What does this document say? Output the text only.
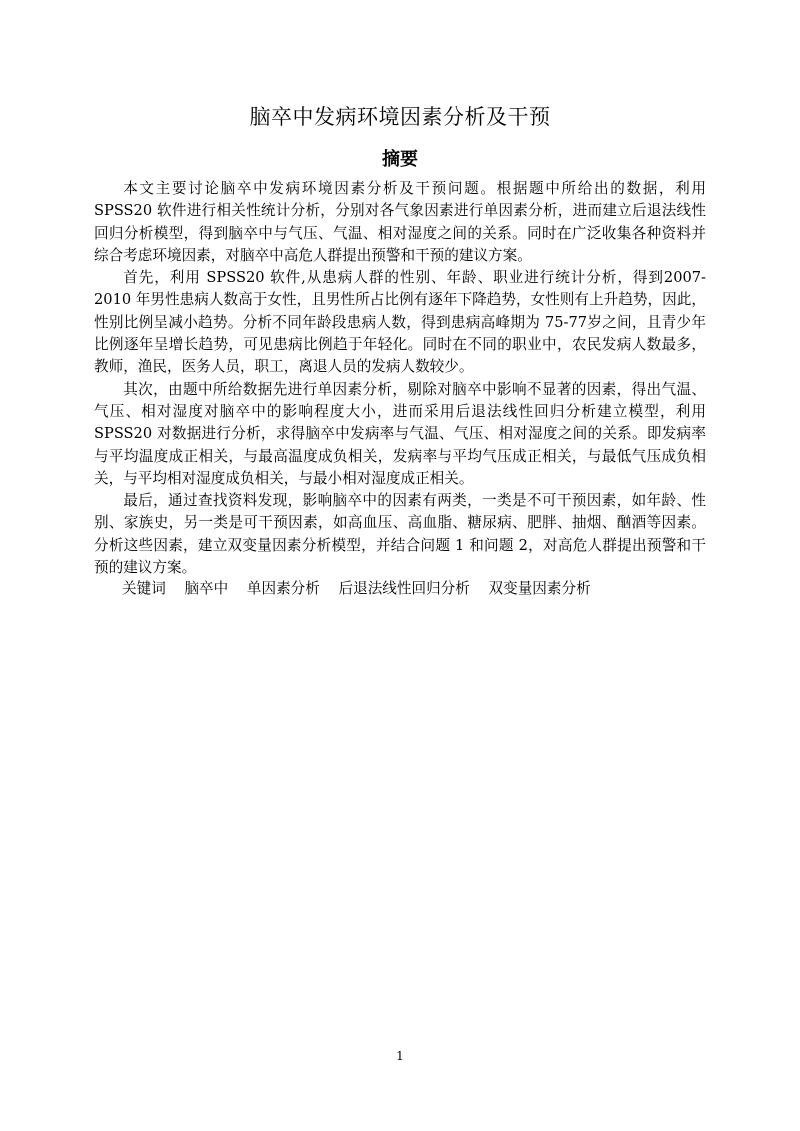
脑卒中发病环境因素分析及干预
摘要

本文主要讨论脑卒中发病环境因素分析及干预问题。根据题中所给出的数据，利用SPSS20 软件进行相关性统计分析，分别对各气象因素进行单因素分析，进而建立后退法线性回归分析模型，得到脑卒中与气压、气温、相对湿度之间的关系。同时在广泛收集各种资料并综合考虑环境因素，对脑卒中高危人群提出预警和干预的建议方案。

首先，利用 SPSS20 软件,从患病人群的性别、年龄、职业进行统计分析，得到2007-2010 年男性患病人数高于女性，且男性所占比例有逐年下降趋势，女性则有上升趋势，因此，性别比例呈减小趋势。分析不同年龄段患病人数，得到患病高峰期为 75-77岁之间，且青少年比例逐年呈增长趋势，可见患病比例趋于年轻化。同时在不同的职业中，农民发病人数最多，教师，渔民，医务人员，职工，离退人员的发病人数较少。

其次，由题中所给数据先进行单因素分析，剔除对脑卒中影响不显著的因素，得出气温、气压、相对湿度对脑卒中的影响程度大小，进而采用后退法线性回归分析建立模型，利用 SPSS20 对数据进行分析，求得脑卒中发病率与气温、气压、相对湿度之间的关系。即发病率与平均温度成正相关，与最高温度成负相关，发病率与平均气压成正相关，与最低气压成负相关，与平均相对湿度成负相关，与最小相对湿度成正相关。

最后，通过查找资料发现，影响脑卒中的因素有两类，一类是不可干预因素，如年龄、性别、家族史，另一类是可干预因素，如高血压、高血脂、糖尿病、肥胖、抽烟、酗酒等因素。分析这些因素，建立双变量因素分析模型，并结合问题 1 和问题 2，对高危人群提出预警和干预的建议方案。

关键词 脑卒中 单因素分析 后退法线性回归分析 双变量因素分析
1
